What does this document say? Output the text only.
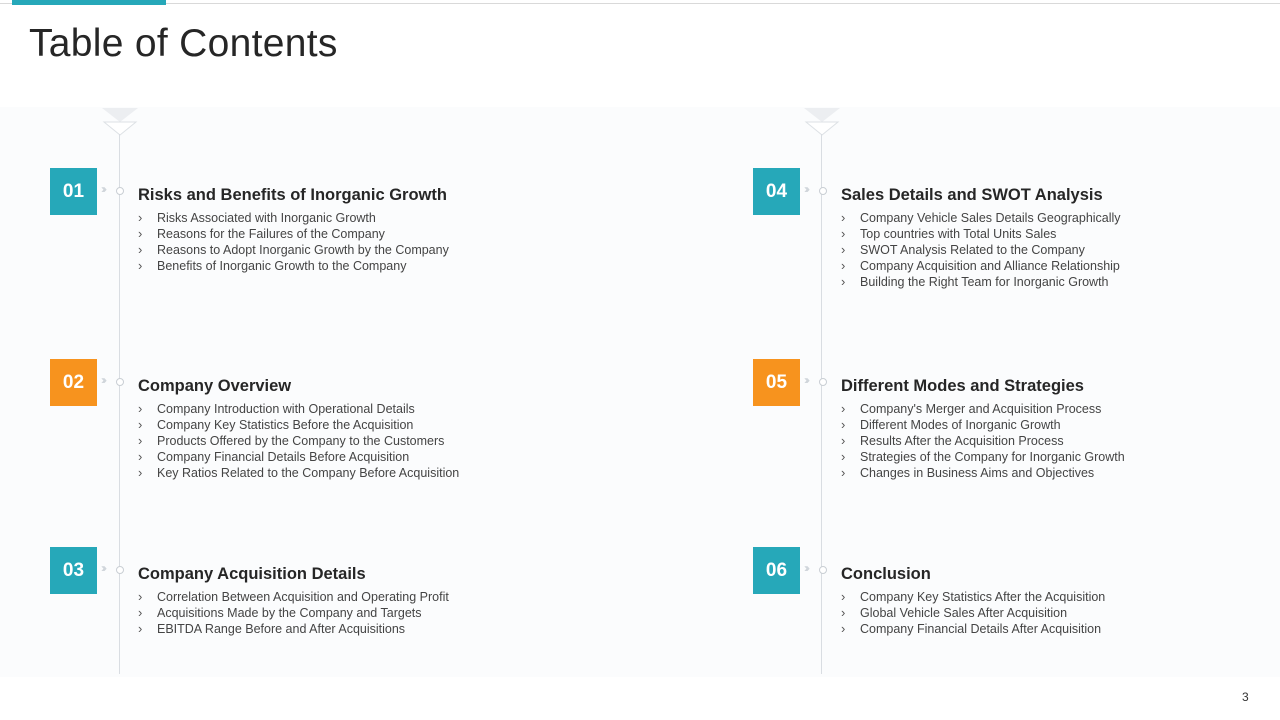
Table of Contents
01	››› Risks and Benefits of Inorganic Growth
› Risks Associated with Inorganic Growth
› Reasons for the Failures of the Company
› Reasons to Adopt Inorganic Growth by the Company
› Benefits of Inorganic Growth to the Company
02	››› Company Overview
› Company Introduction with Operational Details
› Company Key Statistics Before the Acquisition
› Products Offered by the Company to the Customers
› Company Financial Details Before Acquisition
› Key Ratios Related to the Company Before Acquisition
03	››› Company Acquisition Details
› Correlation Between Acquisition and Operating Profit
› Acquisitions Made by the Company and Targets
› EBITDA Range Before and After Acquisitions
04	››› Sales Details and SWOT Analysis
› Company Vehicle Sales Details Geographically
› Top countries with Total Units Sales
› SWOT Analysis Related to the Company
› Company Acquisition and Alliance Relationship
› Building the Right Team for Inorganic Growth
05	››› Different Modes and Strategies
› Company's Merger and Acquisition Process
› Different Modes of Inorganic Growth
› Results After the Acquisition Process
› Strategies of the Company for Inorganic Growth
› Changes in Business Aims and Objectives
06	››› Conclusion
› Company Key Statistics After the Acquisition
› Global Vehicle Sales After Acquisition
› Company Financial Details After Acquisition
3
